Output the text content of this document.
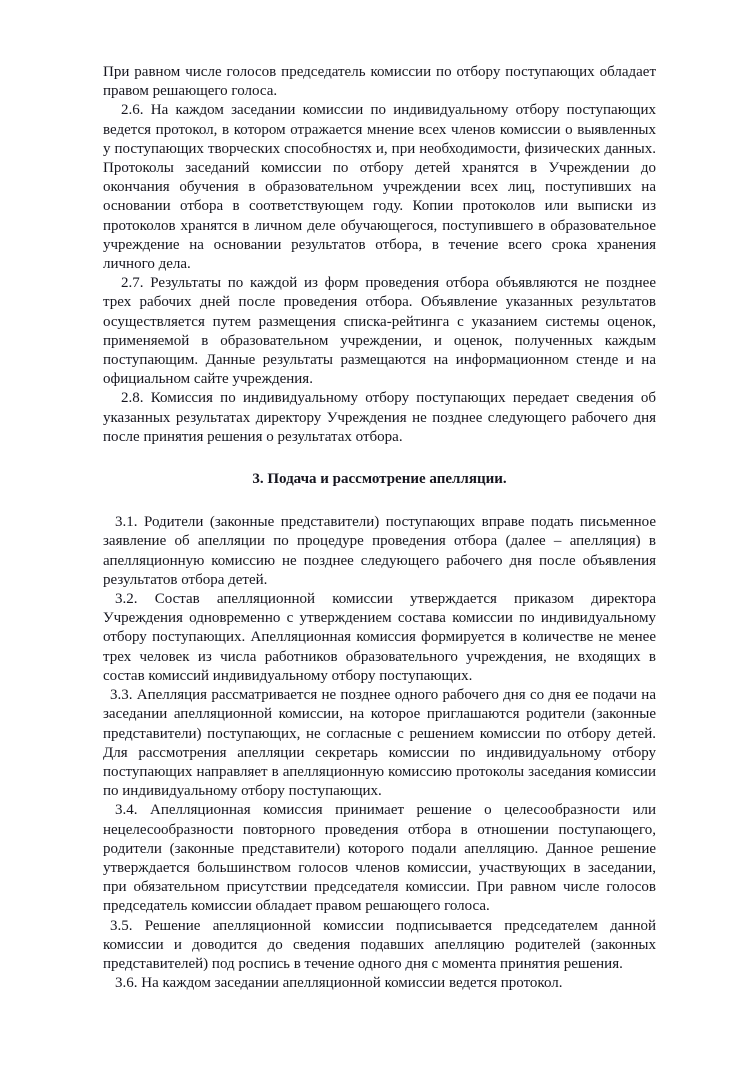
При равном числе голосов председатель комиссии по отбору поступающих обладает правом решающего голоса.

2.6. На каждом заседании комиссии по индивидуальному отбору поступающих ведется протокол, в котором отражается мнение всех членов комиссии о выявленных у поступающих творческих способностях и, при необходимости, физических данных. Протоколы заседаний комиссии по отбору детей хранятся в Учреждении до окончания обучения в образовательном учреждении всех лиц, поступивших на основании отбора в соответствующем году. Копии протоколов или выписки из протоколов хранятся в личном деле обучающегося, поступившего в образовательное учреждение на основании результатов отбора, в течение всего срока хранения личного дела.

2.7. Результаты по каждой из форм проведения отбора объявляются не позднее трех рабочих дней после проведения отбора. Объявление указанных результатов осуществляется путем размещения списка-рейтинга с указанием системы оценок, применяемой в образовательном учреждении, и оценок, полученных каждым поступающим. Данные результаты размещаются на информационном стенде и на официальном сайте учреждения.

2.8. Комиссия по индивидуальному отбору поступающих передает сведения об указанных результатах директору Учреждения не позднее следующего рабочего дня после принятия решения о результатах отбора.

3. Подача и рассмотрение апелляции.

3.1. Родители (законные представители) поступающих вправе подать письменное заявление об апелляции по процедуре проведения отбора (далее – апелляция) в апелляционную комиссию не позднее следующего рабочего дня после объявления результатов отбора детей.

3.2. Состав апелляционной комиссии утверждается приказом директора Учреждения одновременно с утверждением состава комиссии по индивидуальному отбору поступающих. Апелляционная комиссия формируется в количестве не менее трех человек из числа работников образовательного учреждения, не входящих в состав комиссий индивидуальному отбору поступающих.

3.3. Апелляция рассматривается не позднее одного рабочего дня со дня ее подачи на заседании апелляционной комиссии, на которое приглашаются родители (законные представители) поступающих, не согласные с решением комиссии по отбору детей. Для рассмотрения апелляции секретарь комиссии по индивидуальному отбору поступающих направляет в апелляционную комиссию протоколы заседания комиссии по индивидуальному отбору поступающих.

3.4. Апелляционная комиссия принимает решение о целесообразности или нецелесообразности повторного проведения отбора в отношении поступающего, родители (законные представители) которого подали апелляцию. Данное решение утверждается большинством голосов членов комиссии, участвующих в заседании, при обязательном присутствии председателя комиссии. При равном числе голосов председатель комиссии обладает правом решающего голоса.

3.5. Решение апелляционной комиссии подписывается председателем данной комиссии и доводится до сведения подавших апелляцию родителей (законных представителей) под роспись в течение одного дня с момента принятия решения.

3.6. На каждом заседании апелляционной комиссии ведется протокол.
